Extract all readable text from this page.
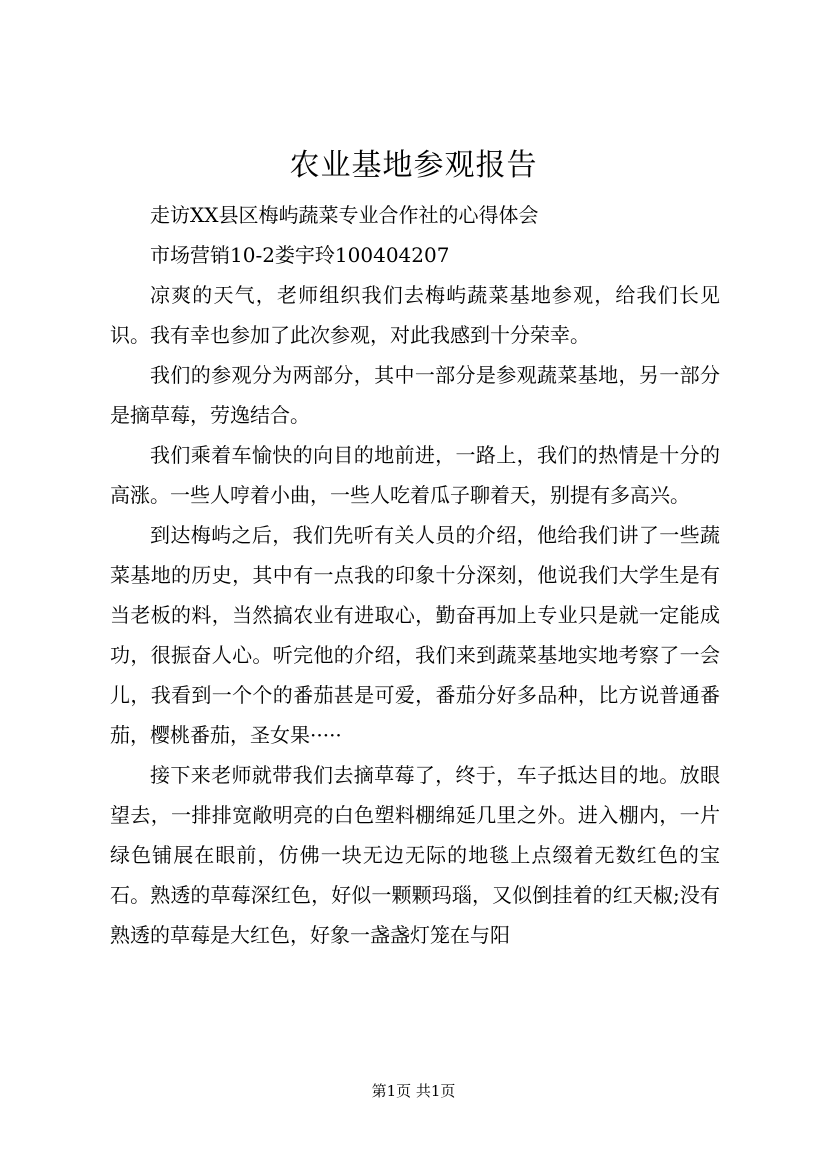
农业基地参观报告

走访XX县区梅屿蔬菜专业合作社的心得体会

市场营销10-2娄宇玲100404207

凉爽的天气，老师组织我们去梅屿蔬菜基地参观，给我们长见识。我有幸也参加了此次参观，对此我感到十分荣幸。

我们的参观分为两部分，其中一部分是参观蔬菜基地，另一部分是摘草莓，劳逸结合。

我们乘着车愉快的向目的地前进，一路上，我们的热情是十分的高涨。一些人哼着小曲，一些人吃着瓜子聊着天，别提有多高兴。

到达梅屿之后，我们先听有关人员的介绍，他给我们讲了一些蔬菜基地的历史，其中有一点我的印象十分深刻，他说我们大学生是有当老板的料，当然搞农业有进取心，勤奋再加上专业只是就一定能成功，很振奋人心。听完他的介绍，我们来到蔬菜基地实地考察了一会儿，我看到一个个的番茄甚是可爱，番茄分好多品种，比方说普通番茄，樱桃番茄，圣女果·····

接下来老师就带我们去摘草莓了，终于，车子抵达目的地。放眼望去，一排排宽敞明亮的白色塑料棚绵延几里之外。进入棚内，一片绿色铺展在眼前，仿佛一块无边无际的地毯上点缀着无数红色的宝石。熟透的草莓深红色，好似一颗颗玛瑙，又似倒挂着的红天椒;没有熟透的草莓是大红色，好象一盏盏灯笼在与阳

第1页 共1页
